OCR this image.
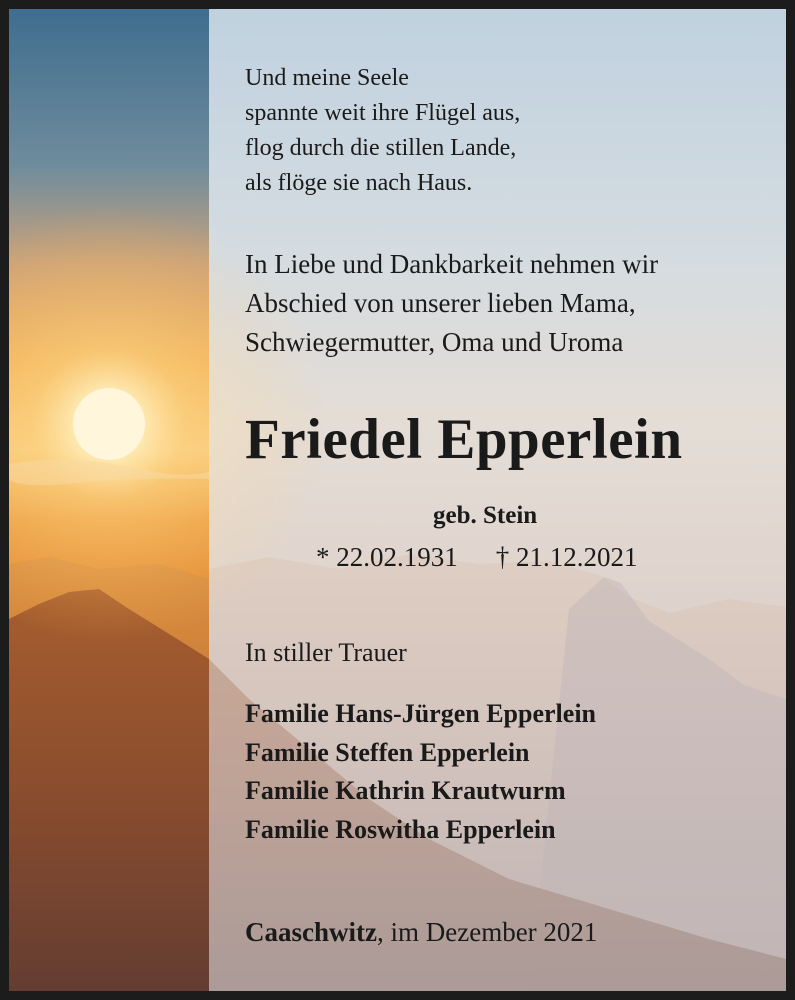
Und meine Seele
spannte weit ihre Flügel aus,
flog durch die stillen Lande,
als flöge sie nach Haus.
In Liebe und Dankbarkeit nehmen wir
Abschied von unserer lieben Mama,
Schwiegermutter, Oma und Uroma
Friedel Epperlein
geb. Stein
* 22.02.1931 † 21.12.2021
In stiller Trauer
Familie Hans-Jürgen Epperlein
Familie Steffen Epperlein
Familie Kathrin Krautwurm
Familie Roswitha Epperlein
Caaschwitz, im Dezember 2021
